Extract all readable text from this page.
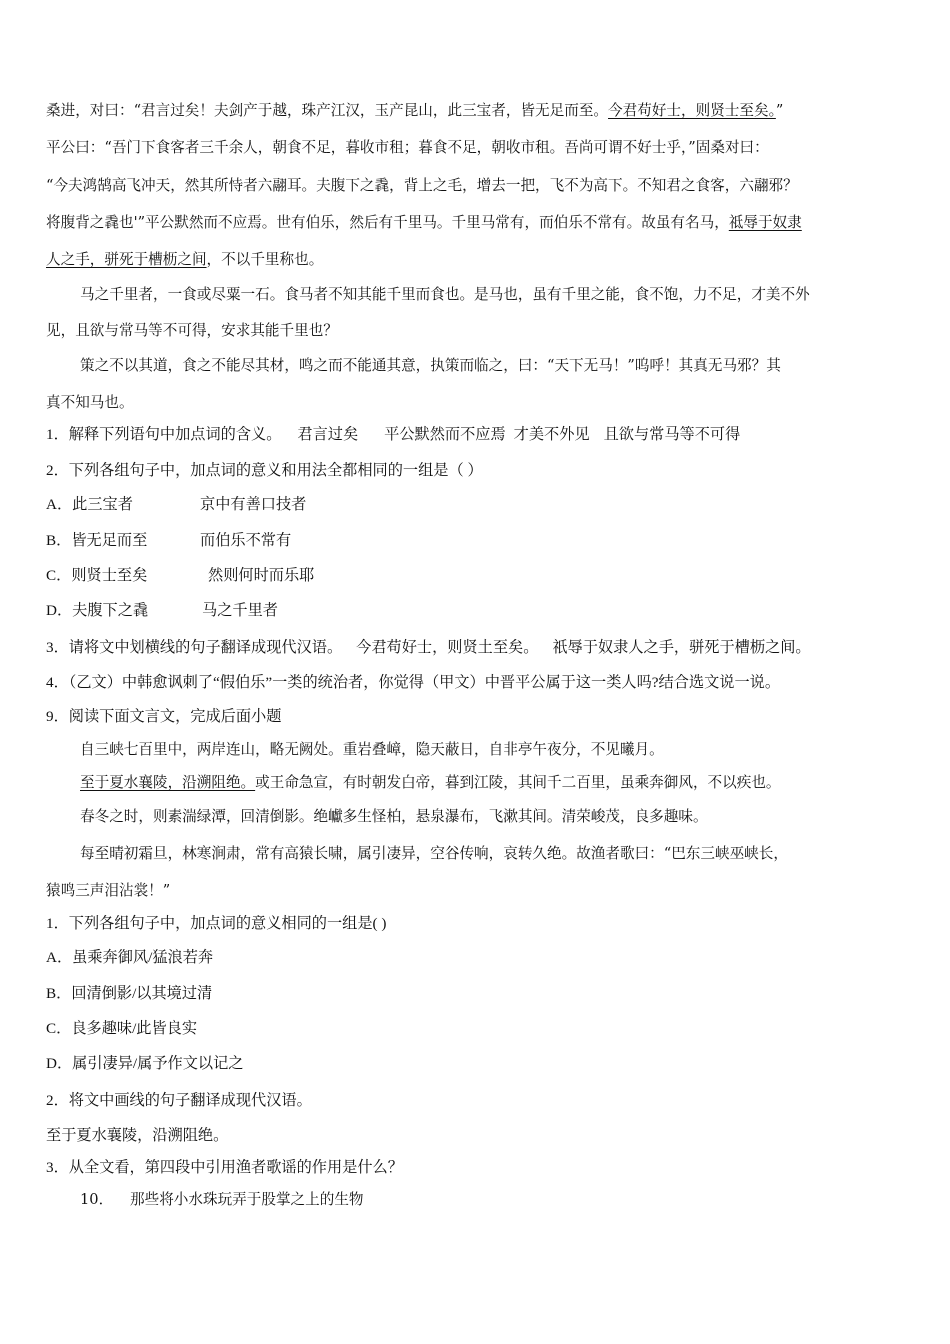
桑进，对曰：“君言过矣！夫剑产于越，珠产江汉，玉产昆山，此三宝者，皆无足而至。今君苟好士，则贤士至矣。”

平公曰：“吾门下食客者三千余人，朝食不足，暮收市租；暮食不足，朝收市租。吾尚可谓不好士乎，”固桑对曰：

“今夫鸿鹄高飞冲天，然其所恃者六翮耳。夫腹下之毳，背上之毛，增去一把，飞不为高下。不知君之食客，六翮邪？

将腹背之毳也'”平公默然而不应焉。世有伯乐，然后有千里马。千里马常有，而伯乐不常有。故虽有名马，祗辱于奴隶

人之手，骈死于槽枥之间，不以千里称也。

马之千里者，一食或尽粟一石。食马者不知其能千里而食也。是马也，虽有千里之能，食不饱，力不足，才美不外

见，且欲与常马等不可得，安求其能千里也？

策之不以其道，食之不能尽其材，鸣之而不能通其意，执策而临之，曰：“天下无马！”呜呼！其真无马邪？其

真不知马也。

1．解释下列语句中加点词的含义。 君言过矣 平公默然而不应焉 才美不外见 且欲与常马等不可得

2．下列各组句子中，加点词的意义和用法全都相同的一组是（ ）

A．此三宝者	京中有善口技者

B．皆无足而至	而伯乐不常有

C．则贤士至矣	然则何时而乐耶

D．夫腹下之毳	马之千里者

3．请将文中划横线的句子翻译成现代汉语。 今君苟好士，则贤土至矣。 祇辱于奴隶人之手，骈死于槽枥之间。

4．（乙文）中韩愈讽刺了“假伯乐”一类的统治者，你觉得（甲文）中晋平公属于这一类人吗?结合选文说一说。

9．阅读下面文言文，完成后面小题

自三峡七百里中，两岸连山，略无阙处。重岩叠嶂，隐天蔽日，自非亭午夜分，不见曦月。

至于夏水襄陵，沿溯阻绝。或王命急宣，有时朝发白帝，暮到江陵，其间千二百里，虽乘奔御风，不以疾也。

春冬之时，则素湍绿潭，回清倒影。绝巘多生怪柏，悬泉瀑布，飞漱其间。清荣峻茂，良多趣味。

每至晴初霜旦，林寒涧肃，常有高猿长啸，属引凄异，空谷传响，哀转久绝。故渔者歌曰：“巴东三峡巫峡长，

猿鸣三声泪沾裳！”

1．下列各组句子中，加点词的意义相同的一组是( )

A．虽乘奔御风/猛浪若奔

B．回清倒影/以其境过清

C．良多趣味/此皆良实

D．属引凄异/属予作文以记之

2．将文中画线的句子翻译成现代汉语。

至于夏水襄陵，沿溯阻绝。

3．从全文看，第四段中引用渔者歌谣的作用是什么？

10． 那些将小水珠玩弄于股掌之上的生物
